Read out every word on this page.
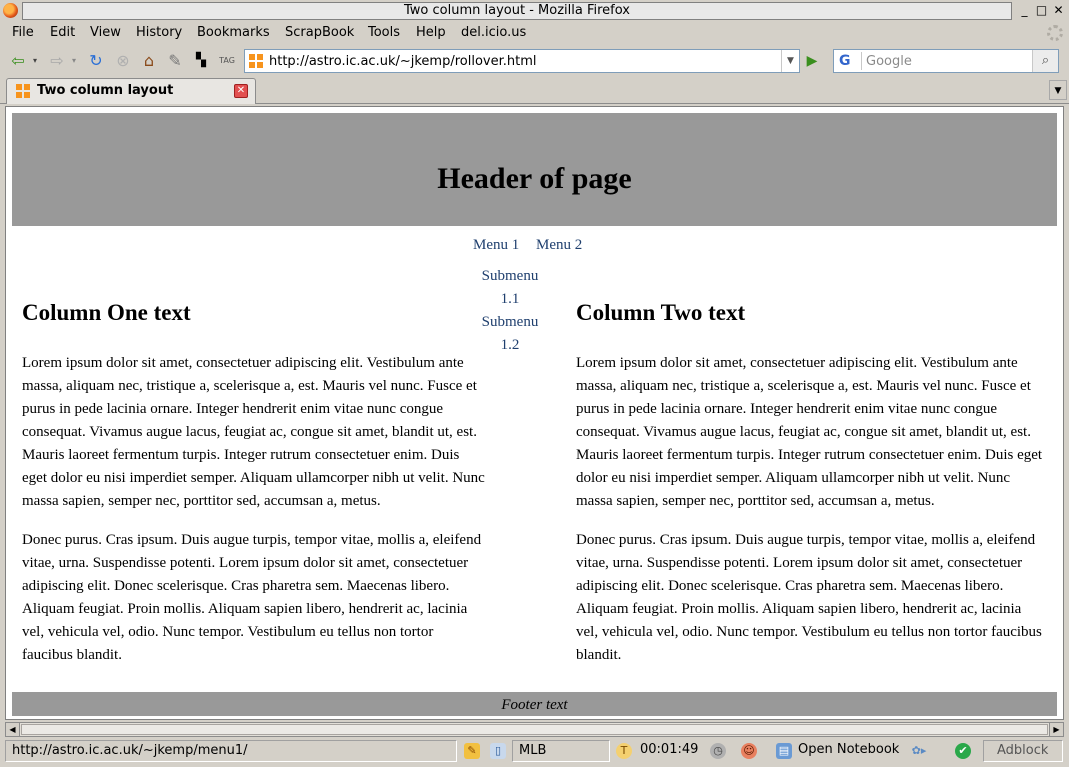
Two column layout - Mozilla Firefox	_ □ ✕
File Edit View History Bookmarks ScrapBook Tools Help del.icio.us
⇦	▾ ⇨	▾ ↻ ⊗ ⌂ ✎	▚	TAG
http://astro.ic.ac.uk/~jkemp/rollover.html	▼ ▶ G
Google	⌕
Two column layout	✕	▼
Header of page
Menu 1 Menu 2
Submenu
1.1
Submenu
1.2
Column One text

Lorem ipsum dolor sit amet, consectetuer adipiscing elit. Vestibulum ante massa, aliquam nec, tristique a, scelerisque a, est. Mauris vel nunc. Fusce et purus in pede lacinia ornare. Integer hendrerit enim vitae nunc congue consequat. Vivamus augue lacus, feugiat ac, congue sit amet, blandit ut, est. Mauris laoreet fermentum turpis. Integer rutrum consectetuer enim. Duis eget dolor eu nisi imperdiet semper. Aliquam ullamcorper nibh ut velit. Nunc massa sapien, semper nec, porttitor sed, accumsan a, metus.

Donec purus. Cras ipsum. Duis augue turpis, tempor vitae, mollis a, eleifend vitae, urna. Suspendisse potenti. Lorem ipsum dolor sit amet, consectetuer adipiscing elit. Donec scelerisque. Cras pharetra sem. Maecenas libero. Aliquam feugiat. Proin mollis. Aliquam sapien libero, hendrerit ac, lacinia vel, vehicula vel, odio. Nunc tempor. Vestibulum eu tellus non tortor faucibus blandit.

Column Two text

Lorem ipsum dolor sit amet, consectetuer adipiscing elit. Vestibulum ante massa, aliquam nec, tristique a, scelerisque a, est. Mauris vel nunc. Fusce et purus in pede lacinia ornare. Integer hendrerit enim vitae nunc congue consequat. Vivamus augue lacus, feugiat ac, congue sit amet, blandit ut, est. Mauris laoreet fermentum turpis. Integer rutrum consectetuer enim. Duis eget dolor eu nisi imperdiet semper. Aliquam ullamcorper nibh ut velit. Nunc massa sapien, semper nec, porttitor sed, accumsan a, metus.

Donec purus. Cras ipsum. Duis augue turpis, tempor vitae, mollis a, eleifend vitae, urna. Suspendisse potenti. Lorem ipsum dolor sit amet, consectetuer adipiscing elit. Donec scelerisque. Cras pharetra sem. Maecenas libero. Aliquam feugiat. Proin mollis. Aliquam sapien libero, hendrerit ac, lacinia vel, vehicula vel, odio. Nunc tempor. Vestibulum eu tellus non tortor faucibus blandit.

Footer text
◀	▶
http://astro.ic.ac.uk/~jkemp/menu1/	✎	▯	MLB	T 00:01:49	◷ ☺ ▤ Open Notebook	✿▸	✔	Adblock
